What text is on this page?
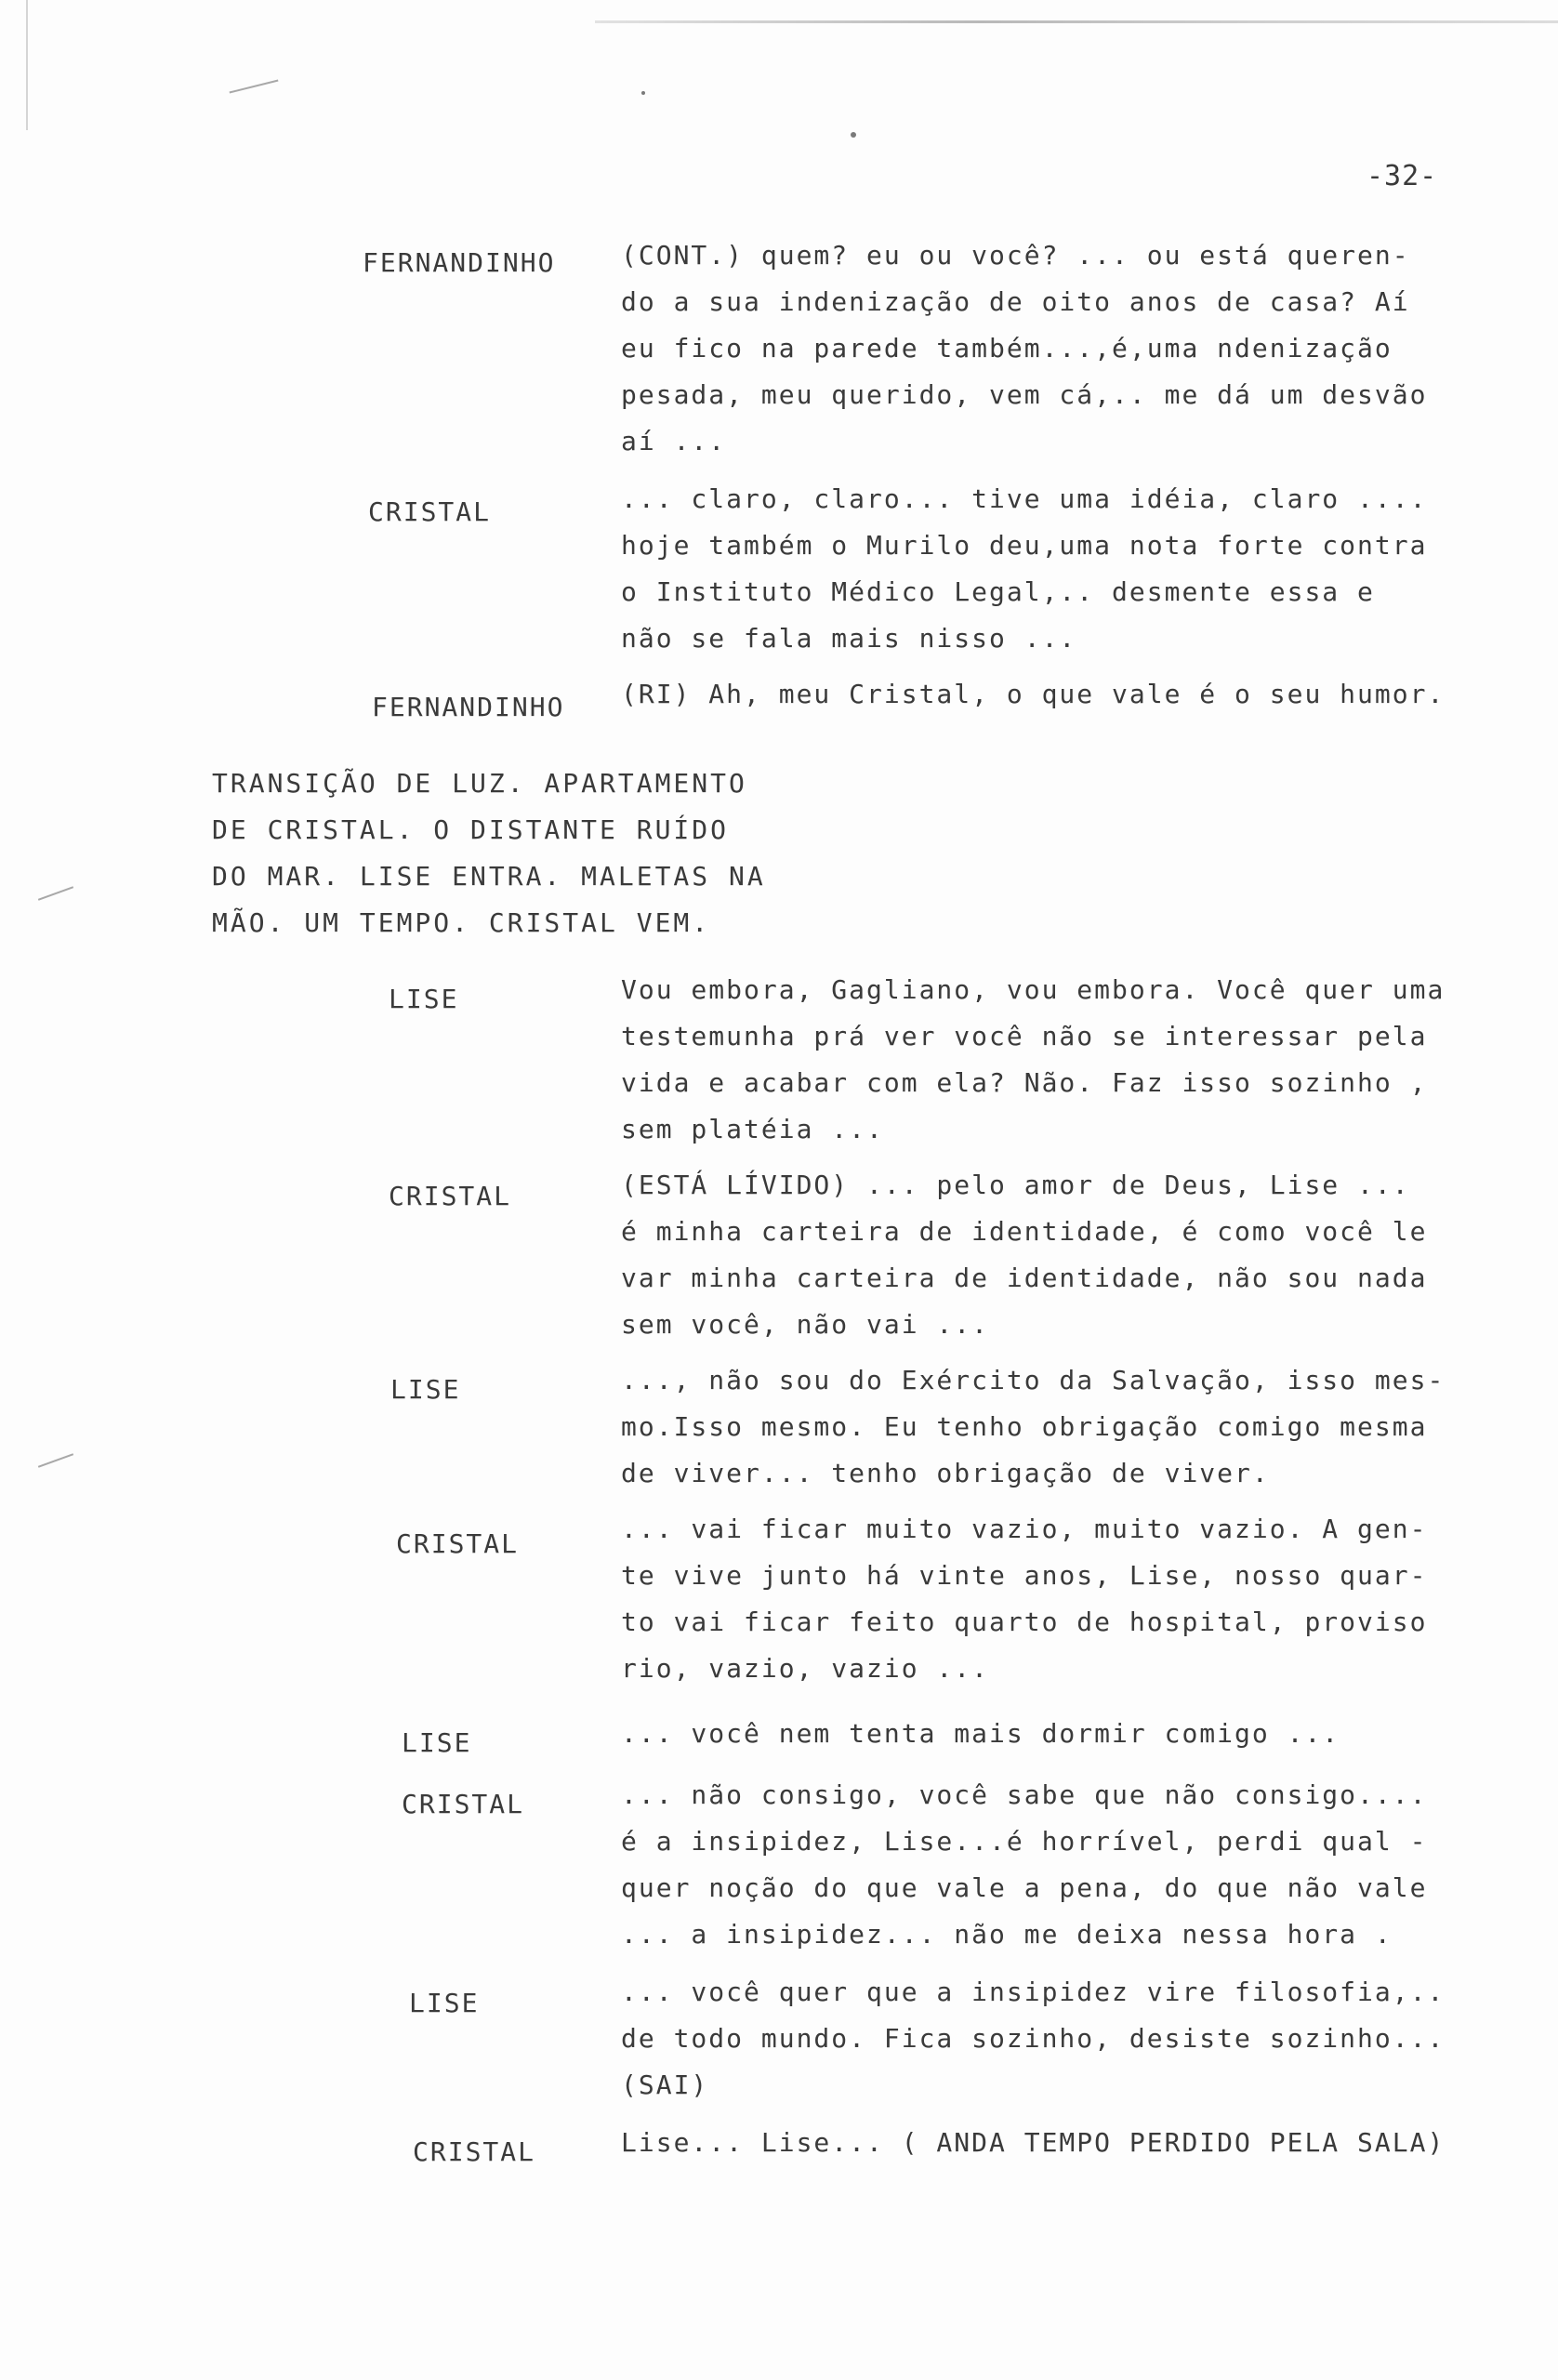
-32-
FERNANDINHO	(CONT.) quem? eu ou você? ... ou está queren-
do a sua indenização de oito anos de casa? Aí
eu fico na parede também...,é,uma ndenização
pesada, meu querido, vem cá,.. me dá um desvão
aí ...
CRISTAL	... claro, claro... tive uma idéia, claro ....
hoje também o Murilo deu,uma nota forte contra
o Instituto Médico Legal,.. desmente essa e
não se fala mais nisso ...
FERNANDINHO (RI) Ah, meu Cristal, o que vale é o seu humor.
TRANSIÇÃO DE LUZ. APARTAMENTO
DE CRISTAL. O DISTANTE RUÍDO
DO MAR. LISE ENTRA. MALETAS NA
MÃO. UM TEMPO. CRISTAL VEM.
LISE	Vou embora, Gagliano, vou embora. Você quer uma
testemunha prá ver você não se interessar pela
vida e acabar com ela? Não. Faz isso sozinho ,
sem platéia ...
CRISTAL	(ESTÁ LÍVIDO) ... pelo amor de Deus, Lise ...
é minha carteira de identidade, é como você le
var minha carteira de identidade, não sou nada
sem você, não vai ...
LISE	..., não sou do Exército da Salvação, isso mes-
mo.Isso mesmo. Eu tenho obrigação comigo mesma
de viver... tenho obrigação de viver.
CRISTAL	... vai ficar muito vazio, muito vazio. A gen-
te vive junto há vinte anos, Lise, nosso quar-
to vai ficar feito quarto de hospital, proviso
rio, vazio, vazio ...
LISE	... você nem tenta mais dormir comigo ...
CRISTAL	... não consigo, você sabe que não consigo....
é a insipidez, Lise...é horrível, perdi qual -
quer noção do que vale a pena, do que não vale
... a insipidez... não me deixa nessa hora .
LISE	... você quer que a insipidez vire filosofia,..
de todo mundo. Fica sozinho, desiste sozinho...
(SAI)
CRISTAL	Lise... Lise... ( ANDA TEMPO PERDIDO PELA SALA)
